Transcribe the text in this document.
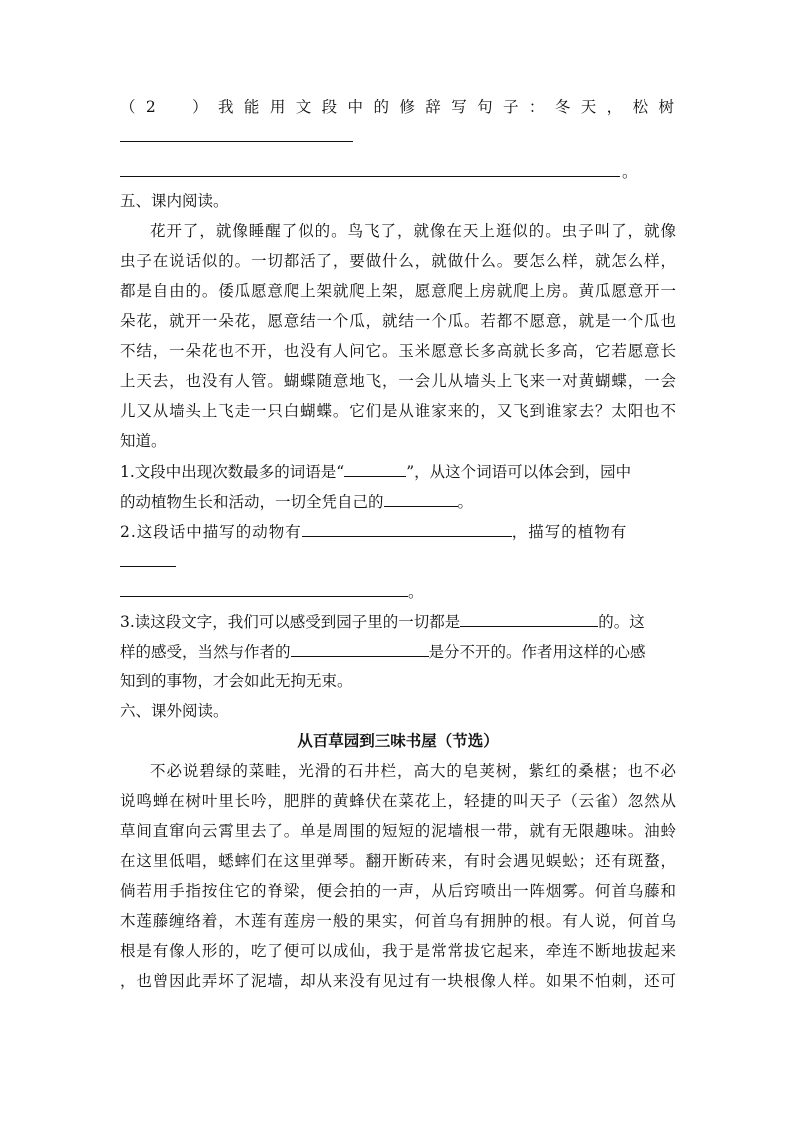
（2　）我能用文段中的修辞写句子：冬天，松树
。
五、课内阅读。
花开了，就像睡醒了似的。鸟飞了，就像在天上逛似的。虫子叫了，就像
虫子在说话似的。一切都活了，要做什么，就做什么。要怎么样，就怎么样，
都是自由的。倭瓜愿意爬上架就爬上架，愿意爬上房就爬上房。黄瓜愿意开一
朵花，就开一朵花，愿意结一个瓜，就结一个瓜。若都不愿意，就是一个瓜也
不结，一朵花也不开，也没有人问它。玉米愿意长多高就长多高，它若愿意长
上天去，也没有人管。蝴蝶随意地飞，一会儿从墙头上飞来一对黄蝴蝶，一会
儿又从墙头上飞走一只白蝴蝶。它们是从谁家来的，又飞到谁家去？太阳也不
知道。
1.文段中出现次数最多的词语是“	”，从这个词语可以体会到，园中
的动植物生长和活动，一切全凭自己的	。
2.这段话中描写的动物有	，描写的植物有
。
3.读这段文字，我们可以感受到园子里的一切都是	的。这
样的感受，当然与作者的	是分不开的。作者用这样的心感
知到的事物，才会如此无拘无束。
六、课外阅读。
从百草园到三味书屋（节选）
不必说碧绿的菜畦，光滑的石井栏，高大的皂荚树，紫红的桑椹；也不必
说鸣蝉在树叶里长吟，肥胖的黄蜂伏在菜花上，轻捷的叫天子（云雀）忽然从
草间直窜向云霄里去了。单是周围的短短的泥墙根一带，就有无限趣味。油蛉
在这里低唱，蟋蟀们在这里弹琴。翻开断砖来，有时会遇见蜈蚣；还有斑蝥，
倘若用手指按住它的脊梁，便会拍的一声，从后窍喷出一阵烟雾。何首乌藤和
木莲藤缠络着，木莲有莲房一般的果实，何首乌有拥肿的根。有人说，何首乌
根是有像人形的，吃了便可以成仙，我于是常常拔它起来，牵连不断地拔起来
，也曾因此弄坏了泥墙，却从来没有见过有一块根像人样。如果不怕刺，还可
